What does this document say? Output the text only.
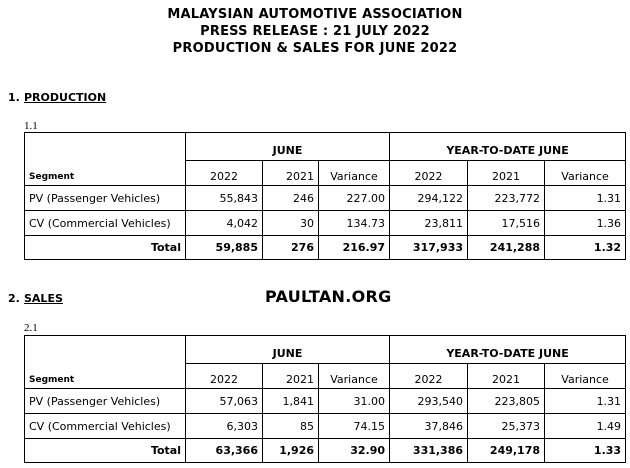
MALAYSIAN AUTOMOTIVE ASSOCIATION
PRESS RELEASE : 21 JULY 2022
PRODUCTION & SALES FOR JUNE 2022
1. PRODUCTION
1.1
Segment	JUNE			YEAR-TO-DATE JUNE		
	2022	2021	Variance	2022	2021	Variance
PV (Passenger Vehicles)	55,843	246	227.00	294,122	223,772	1.31
CV (Commercial Vehicles)	4,042	30	134.73	23,811	17,516	1.36
Total	59,885	276	216.97	317,933	241,288	1.32
2. SALES	PAULTAN.ORG
2.1
Segment	JUNE			YEAR-TO-DATE JUNE		
	2022	2021	Variance	2022	2021	Variance
PV (Passenger Vehicles)	57,063	1,841	31.00	293,540	223,805	1.31
CV (Commercial Vehicles)	6,303	85	74.15	37,846	25,373	1.49
Total	63,366	1,926	32.90	331,386	249,178	1.33
